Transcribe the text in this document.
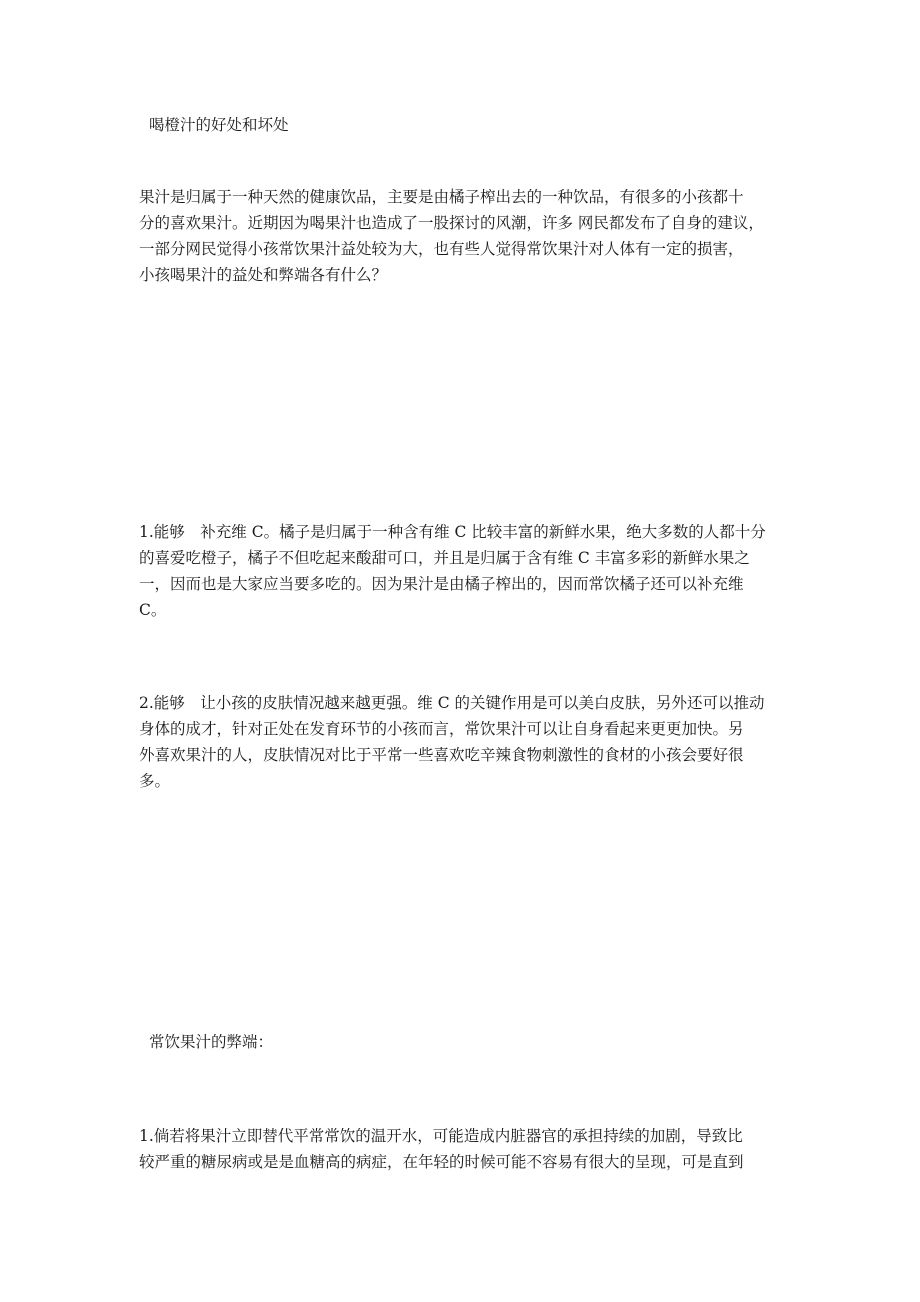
喝橙汁的好处和坏处
果汁是归属于一种天然的健康饮品，主要是由橘子榨出去的一种饮品，有很多的小孩都十
分的喜欢果汁。近期因为喝果汁也造成了一股探讨的风潮，许多 网民都发布了自身的建议，
一部分网民觉得小孩常饮果汁益处较为大，也有些人觉得常饮果汁对人体有一定的损害，
小孩喝果汁的益处和弊端各有什么？
1.能够　补充维 C。橘子是归属于一种含有维 C 比较丰富的新鲜水果，绝大多数的人都十分
的喜爱吃橙子，橘子不但吃起来酸甜可口，并且是归属于含有维 C 丰富多彩的新鲜水果之
一，因而也是大家应当要多吃的。因为果汁是由橘子榨出的，因而常饮橘子还可以补充维
C。
2.能够　让小孩的皮肤情况越来越更强。维 C 的关键作用是可以美白皮肤，另外还可以推动
身体的成才，针对正处在发育环节的小孩而言，常饮果汁可以让自身看起来更更加快。另
外喜欢果汁的人，皮肤情况对比于平常一些喜欢吃辛辣食物刺激性的食材的小孩会要好很
多。
常饮果汁的弊端：
1.倘若将果汁立即替代平常常饮的温开水，可能造成内脏器官的承担持续的加剧，导致比
较严重的糖尿病或是是血糖高的病症，在年轻的时候可能不容易有很大的呈现，可是直到
